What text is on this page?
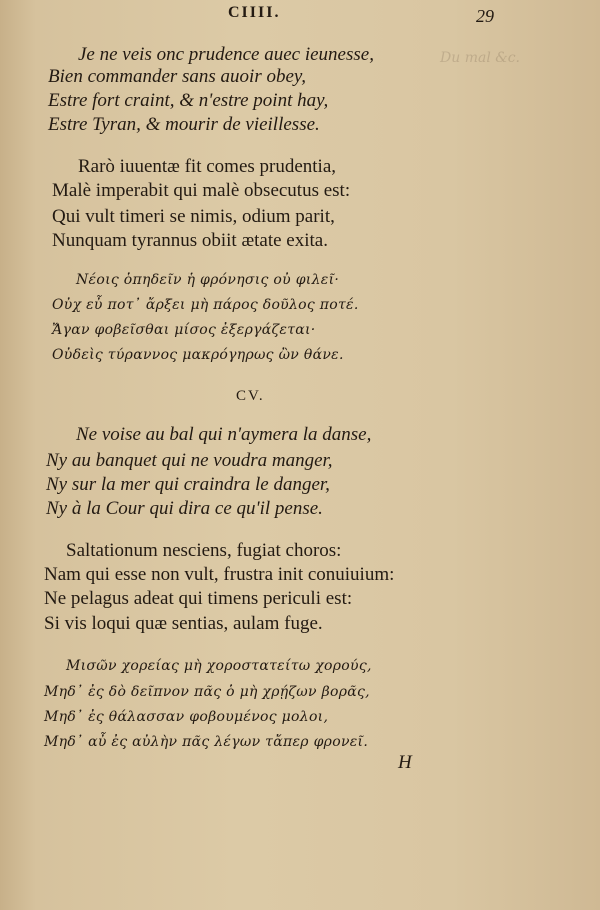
Du mal &c.
CIIII.	29
Je ne veis onc prudence auec ieunesse,
Bien commander sans auoir obey,
Estre fort craint, & n'estre point hay,
Estre Tyran, & mourir de vieillesse.
Rarò iuuentæ fit comes prudentia,
Malè imperabit qui malè obsecutus est:
Qui vult timeri se nimis, odium parit,
Nunquam tyrannus obiit ætate exita.
Νέοις ὁπηδεῖν ἡ φρόνησις οὐ φιλεῖ·
Οὐχ εὖ ποτ᾽ ἄρξει μὴ πάρος δοῦλος ποτέ.
Ἄγαν φοβεῖσθαι μίσος ἐξεργάζεται·
Οὐδεὶς τύραννος μακρόγηρως ὢν θάνε.
CV.
Ne voise au bal qui n'aymera la danse,
Ny au banquet qui ne voudra manger,
Ny sur la mer qui craindra le danger,
Ny à la Cour qui dira ce qu'il pense.
Saltationum nesciens, fugiat choros:
Nam qui esse non vult, frustra init conuiuium:
Ne pelagus adeat qui timens periculi est:
Si vis loqui quæ sentias, aulam fuge.
Μισῶν χορείας μὴ χοροστατείτω χορούς,
Μηδ᾽ ἐς δὸ δεῖπνον πᾶς ὁ μὴ χρῄζων βορᾶς,
Μηδ᾽ ἐς θάλασσαν φοβουμένος μολοι,
Μηδ᾽ αὖ ἐς αὐλὴν πᾶς λέγων τἄπερ φρονεῖ.
H
